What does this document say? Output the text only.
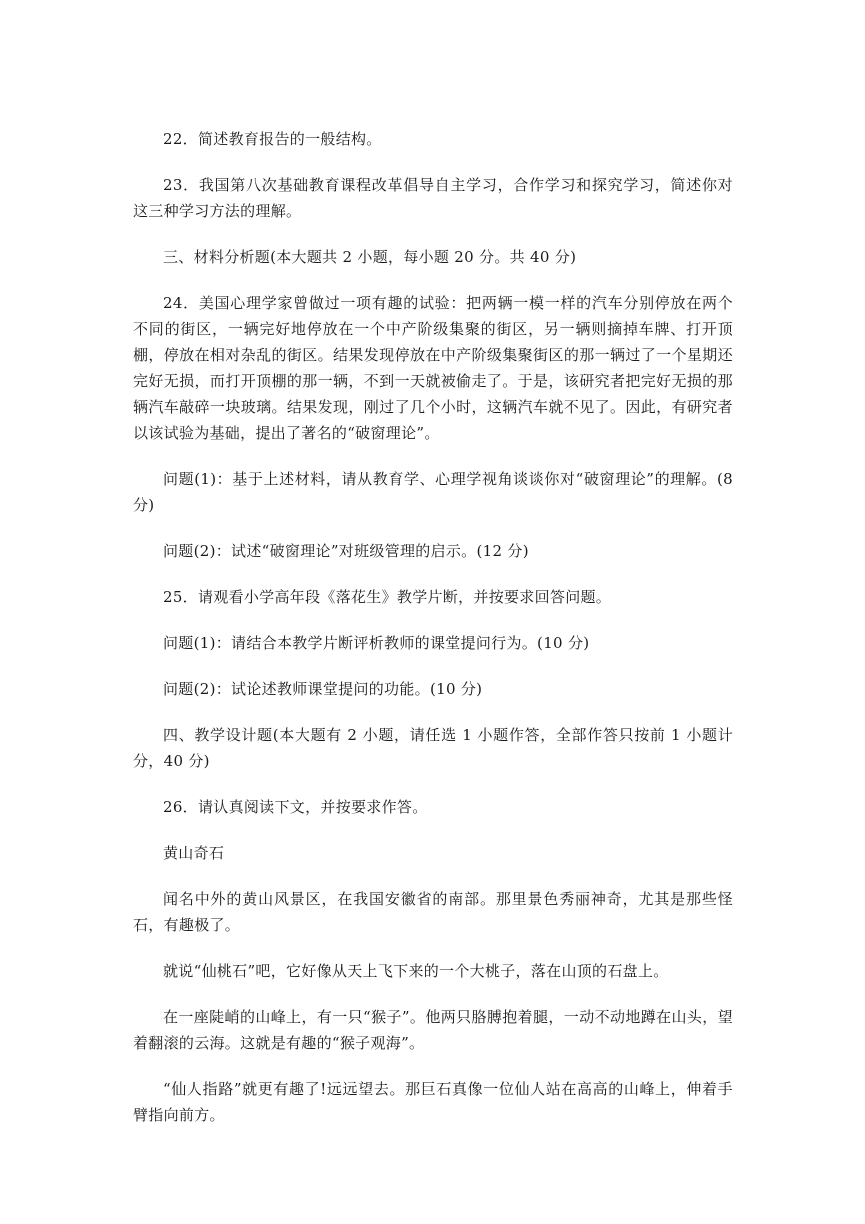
22．简述教育报告的一般结构。

23．我国第八次基础教育课程改革倡导自主学习，合作学习和探究学习，简述你对这三种学习方法的理解。

三、材料分析题(本大题共 2 小题，每小题 20 分。共 40 分)

24．美国心理学家曾做过一项有趣的试验：把两辆一模一样的汽车分别停放在两个不同的街区，一辆完好地停放在一个中产阶级集聚的街区，另一辆则摘掉车牌、打开顶棚，停放在相对杂乱的街区。结果发现停放在中产阶级集聚街区的那一辆过了一个星期还完好无损，而打开顶棚的那一辆，不到一天就被偷走了。于是，该研究者把完好无损的那辆汽车敲碎一块玻璃。结果发现，刚过了几个小时，这辆汽车就不见了。因此，有研究者以该试验为基础，提出了著名的“破窗理论”。

问题(1)：基于上述材料，请从教育学、心理学视角谈谈你对“破窗理论”的理解。(8 分)

问题(2)：试述“破窗理论”对班级管理的启示。(12 分)

25．请观看小学高年段《落花生》教学片断，并按要求回答问题。

问题(1)：请结合本教学片断评析教师的课堂提问行为。(10 分)

问题(2)：试论述教师课堂提问的功能。(10 分)

四、教学设计题(本大题有 2 小题，请任选 1 小题作答，全部作答只按前 1 小题计分，40 分)

26．请认真阅读下文，并按要求作答。

黄山奇石

闻名中外的黄山风景区，在我国安徽省的南部。那里景色秀丽神奇，尤其是那些怪石，有趣极了。

就说“仙桃石”吧，它好像从天上飞下来的一个大桃子，落在山顶的石盘上。

在一座陡峭的山峰上，有一只“猴子”。他两只胳膊抱着腿，一动不动地蹲在山头，望着翻滚的云海。这就是有趣的“猴子观海”。

“仙人指路”就更有趣了!远远望去。那巨石真像一位仙人站在高高的山峰上，伸着手臂指向前方。
